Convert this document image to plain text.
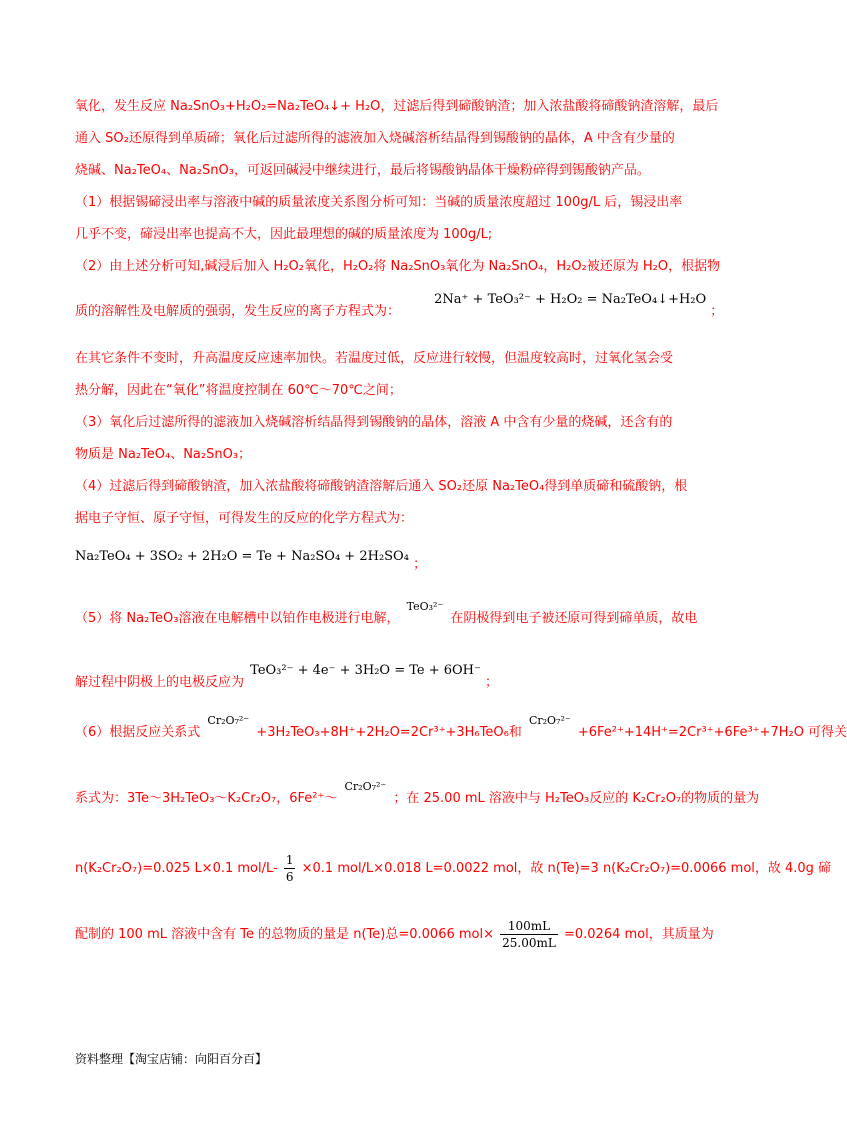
氧化，发生反应 Na₂SnO₃+H₂O₂=Na₂TeO₄↓+ H₂O，过滤后得到碲酸钠渣；加入浓盐酸将碲酸钠渣溶解，最后
通入 SO₂还原得到单质碲；氧化后过滤所得的滤液加入烧碱溶析结晶得到锡酸钠的晶体，A 中含有少量的
烧碱、Na₂TeO₄、Na₂SnO₃，可返回碱浸中继续进行，最后将锡酸钠晶体干燥粉碎得到锡酸钠产品。
（1）根据锡碲浸出率与溶液中碱的质量浓度关系图分析可知：当碱的质量浓度超过 100g/L 后，锡浸出率
几乎不变，碲浸出率也提高不大，因此最理想的碱的质量浓度为 100g/L;
（2）由上述分析可知,碱浸后加入 H₂O₂氧化，H₂O₂将 Na₂SnO₃氧化为 Na₂SnO₄，H₂O₂被还原为 H₂O，根据物
质的溶解性及电解质的强弱，发生反应的离子方程式为： 2Na⁺ + TeO₃²⁻ + H₂O₂ = Na₂TeO₄↓+H₂O ；
在其它条件不变时，升高温度反应速率加快。若温度过低，反应进行较慢，但温度较高时，过氧化氢会受
热分解，因此在“氧化”将温度控制在 60℃～70℃之间；
（3）氧化后过滤所得的滤液加入烧碱溶析结晶得到锡酸钠的晶体，溶液 A 中含有少量的烧碱，还含有的
物质是 Na₂TeO₄、Na₂SnO₃；
（4）过滤后得到碲酸钠渣，加入浓盐酸将碲酸钠渣溶解后通入 SO₂还原 Na₂TeO₄得到单质碲和硫酸钠，根
据电子守恒、原子守恒，可得发生的反应的化学方程式为：
Na₂TeO₄ + 3SO₂ + 2H₂O = Te + Na₂SO₄ + 2H₂SO₄ ；
（5）将 Na₂TeO₃溶液在电解槽中以铂作电极进行电解， TeO₃²⁻ 在阴极得到电子被还原可得到碲单质，故电
解过程中阴极上的电极反应为 TeO₃²⁻ + 4e⁻ + 3H₂O = Te + 6OH⁻ ；
（6）根据反应关系式 Cr₂O₇²⁻ +3H₂TeO₃+8H⁺+2H₂O=2Cr³⁺+3H₆TeO₆和 Cr₂O₇²⁻ +6Fe²⁺+14H⁺=2Cr³⁺+6Fe³⁺+7H₂O 可得关
系式为：3Te～3H₂TeO₃～K₂Cr₂O₇，6Fe²⁺～ Cr₂O₇²⁻ ；在 25.00 mL 溶液中与 H₂TeO₃反应的 K₂Cr₂O₇的物质的量为
n(K₂Cr₂O₇)=0.025 L×0.1 $mol/L- \frac{1}{6} \times 0.1$ mol/L×0.018 L=0.0022 mol，故 n(Te)=3 n(K₂Cr₂O₇)=0.0066 mol，故 4.0g 碲
配制的 100 mL 溶液中含有 Te 的总物质的量是 n(Te)总=0.0066 $mol\times \frac{100mL}{25.00mL} =0.0264$ mol，其质量为
资料整理【淘宝店铺：向阳百分百】
